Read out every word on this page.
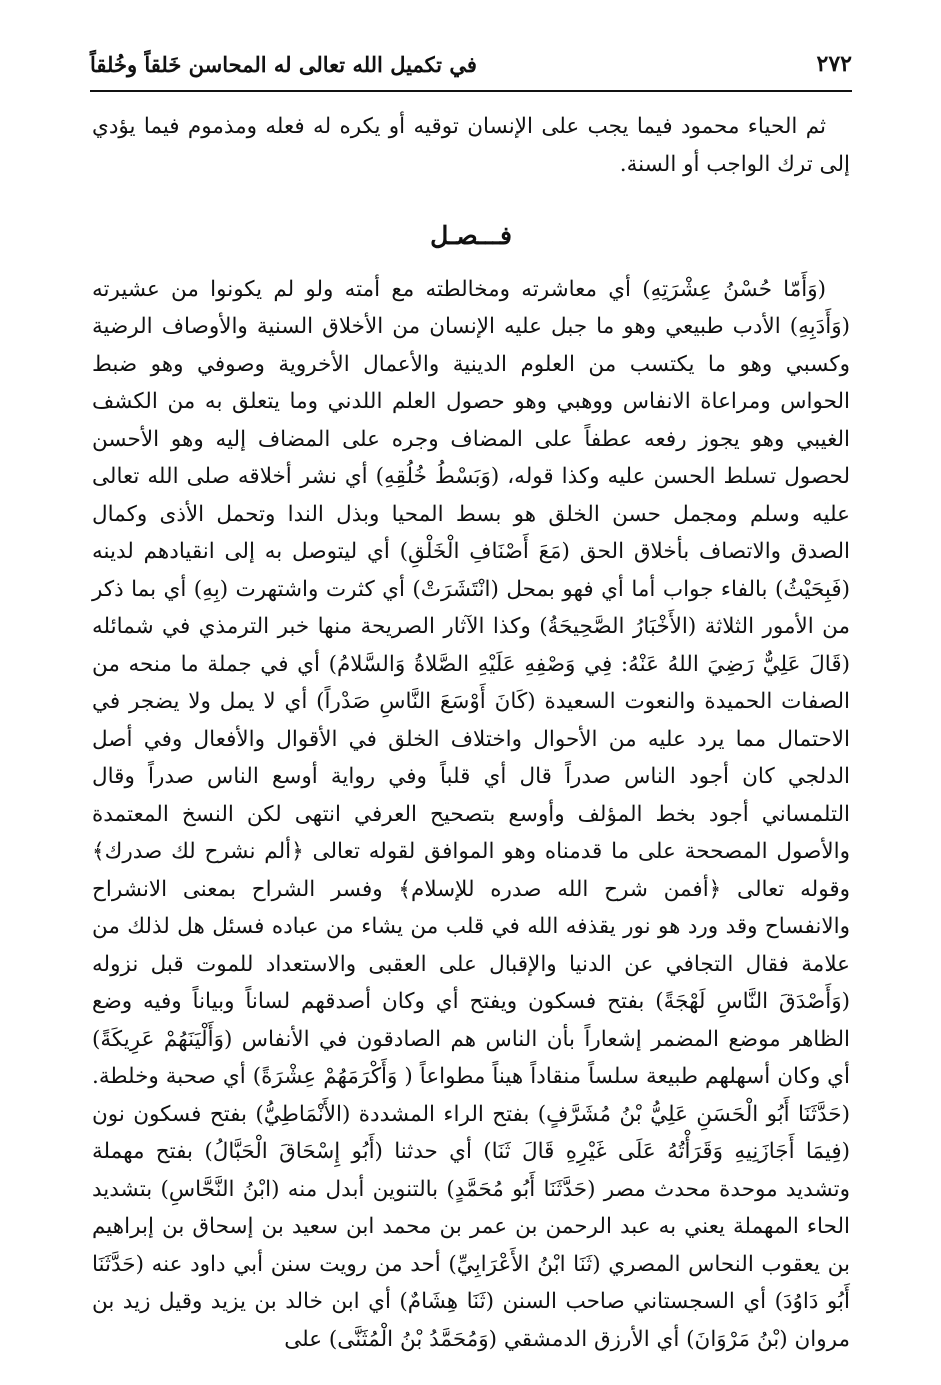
٢٧٢
في تكميل الله تعالى له المحاسن خَلقاً وخُلقاً

ثم الحياء محمود فيما يجب على الإنسان توقيه أو يكره له فعله ومذموم فيما يؤدي إلى ترك الواجب أو السنة.

فـــصـل

(وَأَمّا حُسْنُ عِشْرَتِهِ) أي معاشرته ومخالطته مع أمته ولو لم يكونوا من عشيرته (وَأَدَبِهِ) الأدب طبيعي وهو ما جبل عليه الإنسان من الأخلاق السنية والأوصاف الرضية وكسبي وهو ما يكتسب من العلوم الدينية والأعمال الأخروية وصوفي وهو ضبط الحواس ومراعاة الانفاس ووهبي وهو حصول العلم اللدني وما يتعلق به من الكشف الغيبي وهو يجوز رفعه عطفاً على المضاف وجره على المضاف إليه وهو الأحسن لحصول تسلط الحسن عليه وكذا قوله، (وَبَسْطُ خُلُقِهِ) أي نشر أخلاقه صلى الله تعالى عليه وسلم ومجمل حسن الخلق هو بسط المحيا وبذل الندا وتحمل الأذى وكمال الصدق والاتصاف بأخلاق الحق (مَعَ أَصْنَافِ الْخَلْقِ) أي ليتوصل به إلى انقيادهم لدينه (فَبِحَيْثُ) بالفاء جواب أما أي فهو بمحل (انْتَشَرَتْ) أي كثرت واشتهرت (بِهِ) أي بما ذكر من الأمور الثلاثة (الأَخْبَارُ الصَّحِيحَةُ) وكذا الآثار الصريحة منها خبر الترمذي في شمائله (قَالَ عَلِيٌّ رَضِيَ اللهُ عَنْهُ: فِي وَصْفِهِ عَلَيْهِ الصَّلاةُ وَالسَّلامُ) أي في جملة ما منحه من الصفات الحميدة والنعوت السعيدة (كَانَ أَوْسَعَ النَّاسِ صَدْراً) أي لا يمل ولا يضجر في الاحتمال مما يرد عليه من الأحوال واختلاف الخلق في الأقوال والأفعال وفي أصل الدلجي كان أجود الناس صدراً قال أي قلباً وفي رواية أوسع الناس صدراً وقال التلمساني أجود بخط المؤلف وأوسع بتصحيح العرفي انتهى لكن النسخ المعتمدة والأصول المصححة على ما قدمناه وهو الموافق لقوله تعالى ﴿ألم نشرح لك صدرك﴾ وقوله تعالى ﴿أفمن شرح الله صدره للإسلام﴾ وفسر الشراح بمعنى الانشراح والانفساح وقد ورد هو نور يقذفه الله في قلب من يشاء من عباده فسئل هل لذلك من علامة فقال التجافي عن الدنيا والإقبال على العقبى والاستعداد للموت قبل نزوله (وَأَصْدَقَ النَّاسِ لَهْجَةً) بفتح فسكون ويفتح أي وكان أصدقهم لساناً وبياناً وفيه وضع الظاهر موضع المضمر إشعاراً بأن الناس هم الصادقون في الأنفاس (وَأَلْيَنَهُمْ عَرِيكَةً) أي وكان أسهلهم طبيعة سلساً منقاداً هيناً مطواعاً ( وَأَكْرَمَهُمْ عِشْرَةً) أي صحبة وخلطة. (حَدَّثَنَا أَبُو الْحَسَنِ عَلِيُّ بْنُ مُشَرَّفٍ) بفتح الراء المشددة (الأَنْمَاطِيُّ) بفتح فسكون نون (فِيمَا أَجَازَنِيهِ وَقَرَأْتُهُ عَلَى غَيْرِهِ قَالَ ثَنَا) أي حدثنا (أَبُو إِسْحَاقَ الْحَبَّالُ) بفتح مهملة وتشديد موحدة محدث مصر (حَدَّثَنَا أَبُو مُحَمَّدٍ) بالتنوين أبدل منه (ابْنُ النَّحَّاسِ) بتشديد الحاء المهملة يعني به عبد الرحمن بن عمر بن محمد ابن سعيد بن إسحاق بن إبراهيم بن يعقوب النحاس المصري (ثَنَا ابْنُ الأَعْرَابِيِّ) أحد من رويت سنن أبي داود عنه (حَدَّثَنَا أَبُو دَاوُدَ) أي السجستاني صاحب السنن (ثَنَا هِشَامٌ) أي ابن خالد بن يزيد وقيل زيد بن مروان (بْنُ مَرْوَانَ) أي الأرزق الدمشقي (وَمُحَمَّدُ بْنُ الْمُثَنَّى) على
